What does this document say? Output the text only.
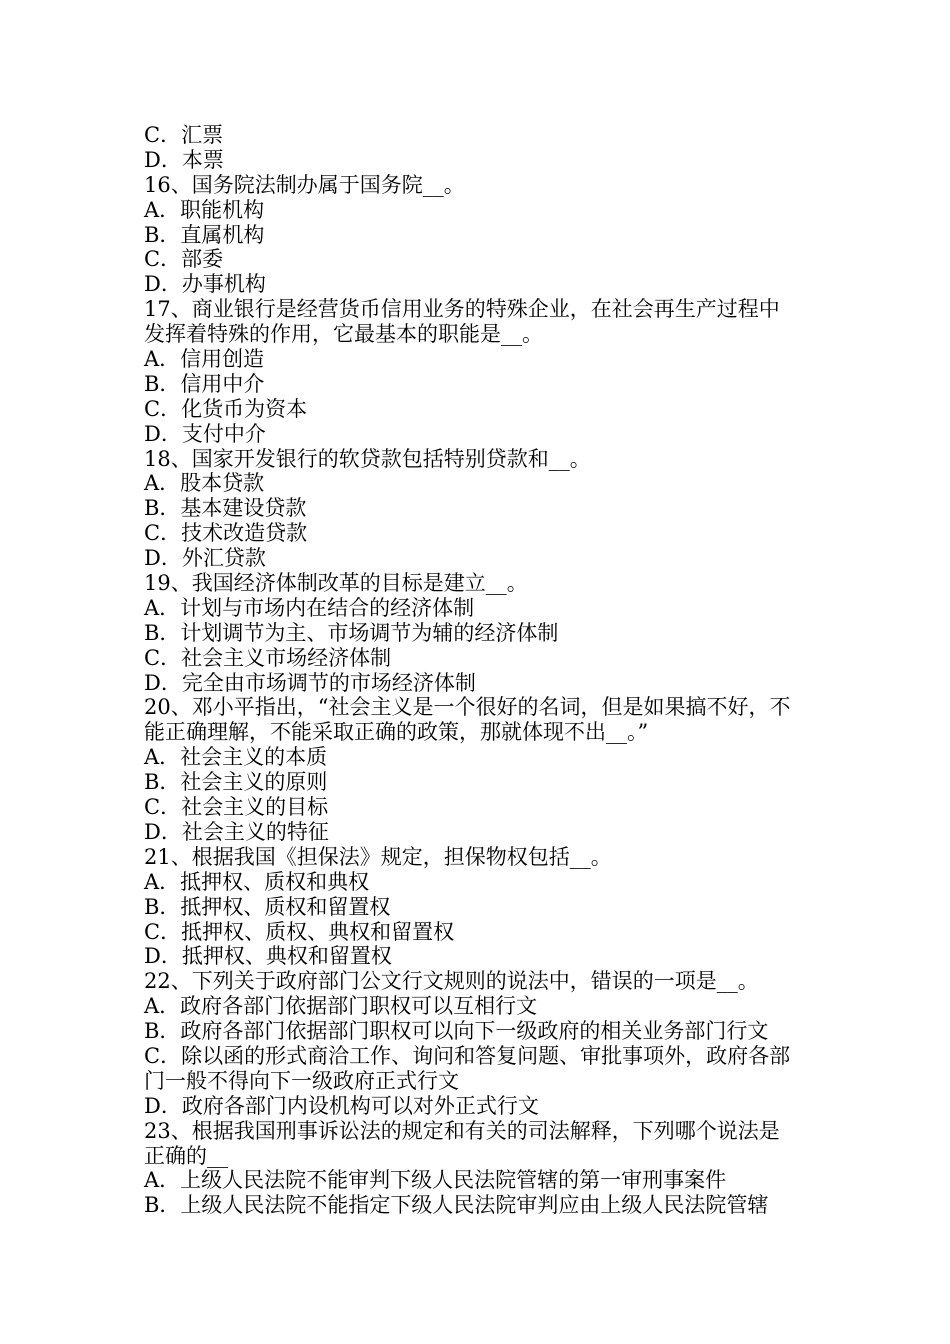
C．汇票
D．本票
16、国务院法制办属于国务院__。
A．职能机构
B．直属机构
C．部委
D．办事机构
17、商业银行是经营货币信用业务的特殊企业，在社会再生产过程中
发挥着特殊的作用，它最基本的职能是__。
A．信用创造
B．信用中介
C．化货币为资本
D．支付中介
18、国家开发银行的软贷款包括特别贷款和__。
A．股本贷款
B．基本建设贷款
C．技术改造贷款
D．外汇贷款
19、我国经济体制改革的目标是建立__。
A．计划与市场内在结合的经济体制
B．计划调节为主、市场调节为辅的经济体制
C．社会主义市场经济体制
D．完全由市场调节的市场经济体制
20、邓小平指出，“社会主义是一个很好的名词，但是如果搞不好，不
能正确理解，不能采取正确的政策，那就体现不出__。”
A．社会主义的本质
B．社会主义的原则
C．社会主义的目标
D．社会主义的特征
21、根据我国《担保法》规定，担保物权包括__。
A．抵押权、质权和典权
B．抵押权、质权和留置权
C．抵押权、质权、典权和留置权
D．抵押权、典权和留置权
22、下列关于政府部门公文行文规则的说法中，错误的一项是__。
A．政府各部门依据部门职权可以互相行文
B．政府各部门依据部门职权可以向下一级政府的相关业务部门行文
C．除以函的形式商洽工作、询问和答复问题、审批事项外，政府各部
门一般不得向下一级政府正式行文
D．政府各部门内设机构可以对外正式行文
23、根据我国刑事诉讼法的规定和有关的司法解释，下列哪个说法是
正确的__
A．上级人民法院不能审判下级人民法院管辖的第一审刑事案件
B．上级人民法院不能指定下级人民法院审判应由上级人民法院管辖
